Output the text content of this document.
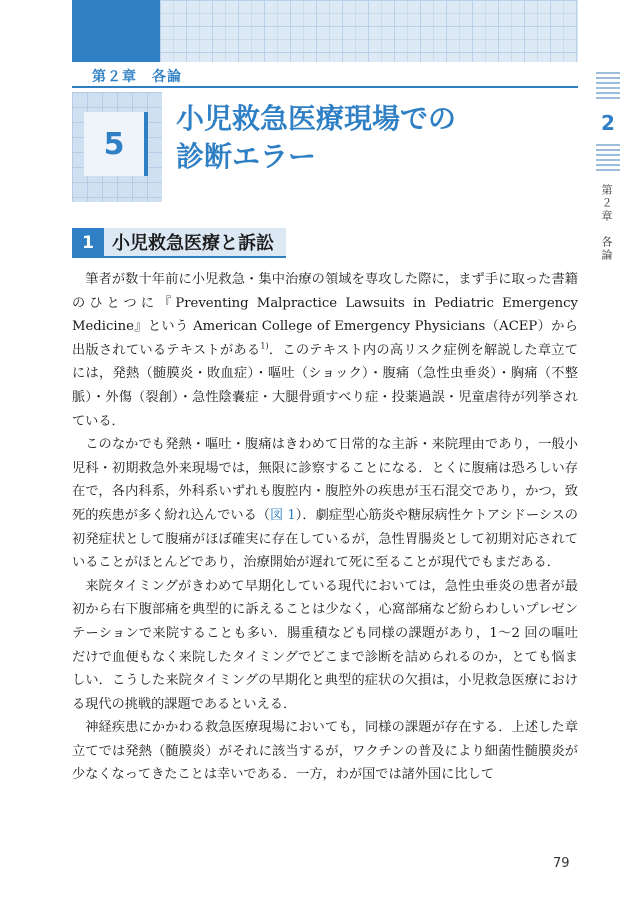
第２章　各論
5
小児救急医療現場での
診断エラー
2
第２章　各論
1	小児救急医療と訴訟

筆者が数十年前に小児救急・集中治療の領域を専攻した際に，まず手に取った書籍のひとつに『Preventing Malpractice Lawsuits in Pediatric Emergency Medicine』という American College of Emergency Physicians（ACEP）から出版されているテキストがある$^{1)}$．このテキスト内の高リスク症例を解説した章立てには，発熱（髄膜炎・敗血症）・嘔吐（ショック）・腹痛（急性虫垂炎）・胸痛（不整脈）・外傷（裂創）・急性陰嚢症・大腿骨頭すべり症・投薬過誤・児童虐待が列挙されている．

このなかでも発熱・嘔吐・腹痛はきわめて日常的な主訴・来院理由であり，一般小児科・初期救急外来現場では，無限に診察することになる．とくに腹痛は恐ろしい存在で，各内科系，外科系いずれも腹腔内・腹腔外の疾患が玉石混交であり，かつ，致死的疾患が多く紛れ込んでいる（図 1）．劇症型心筋炎や糖尿病性ケトアシドーシスの初発症状として腹痛がほぼ確実に存在しているが，急性胃腸炎として初期対応されていることがほとんどであり，治療開始が遅れて死に至ることが現代でもまだある．

来院タイミングがきわめて早期化している現代においては，急性虫垂炎の患者が最初から右下腹部痛を典型的に訴えることは少なく，心窩部痛など紛らわしいプレゼンテーションで来院することも多い．腸重積なども同様の課題があり，1〜2 回の嘔吐だけで血便もなく来院したタイミングでどこまで診断を詰められるのか，とても悩ましい．こうした来院タイミングの早期化と典型的症状の欠損は，小児救急医療における現代の挑戦的課題であるといえる．

神経疾患にかかわる救急医療現場においても，同様の課題が存在する．上述した章立てでは発熱（髄膜炎）がそれに該当するが，ワクチンの普及により細菌性髄膜炎が少なくなってきたことは幸いである．一方，わが国では諸外国に比して

79
